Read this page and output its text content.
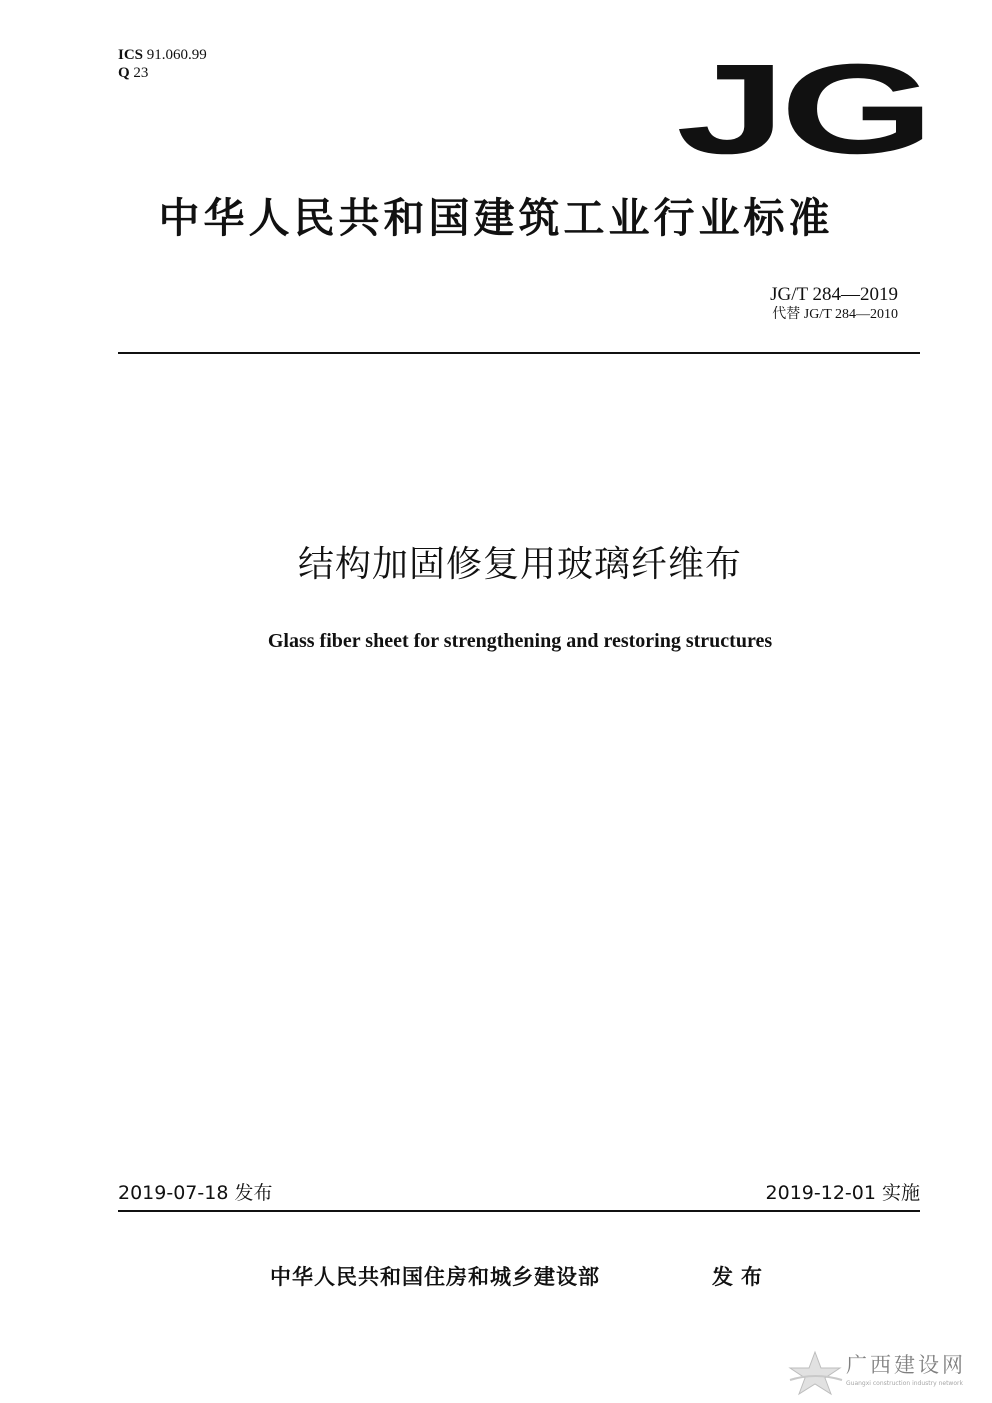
ICS 91.060.99
Q 23	JG
中华人民共和国建筑工业行业标准
JG/T 284—2019
代替 JG/T 284—2010
结构加固修复用玻璃纤维布
Glass fiber sheet for strengthening and restoring structures
2019-07-18 发布	2019-12-01 实施
中华人民共和国住房和城乡建设部	发布
广西建设网
Guangxi construction industry network
